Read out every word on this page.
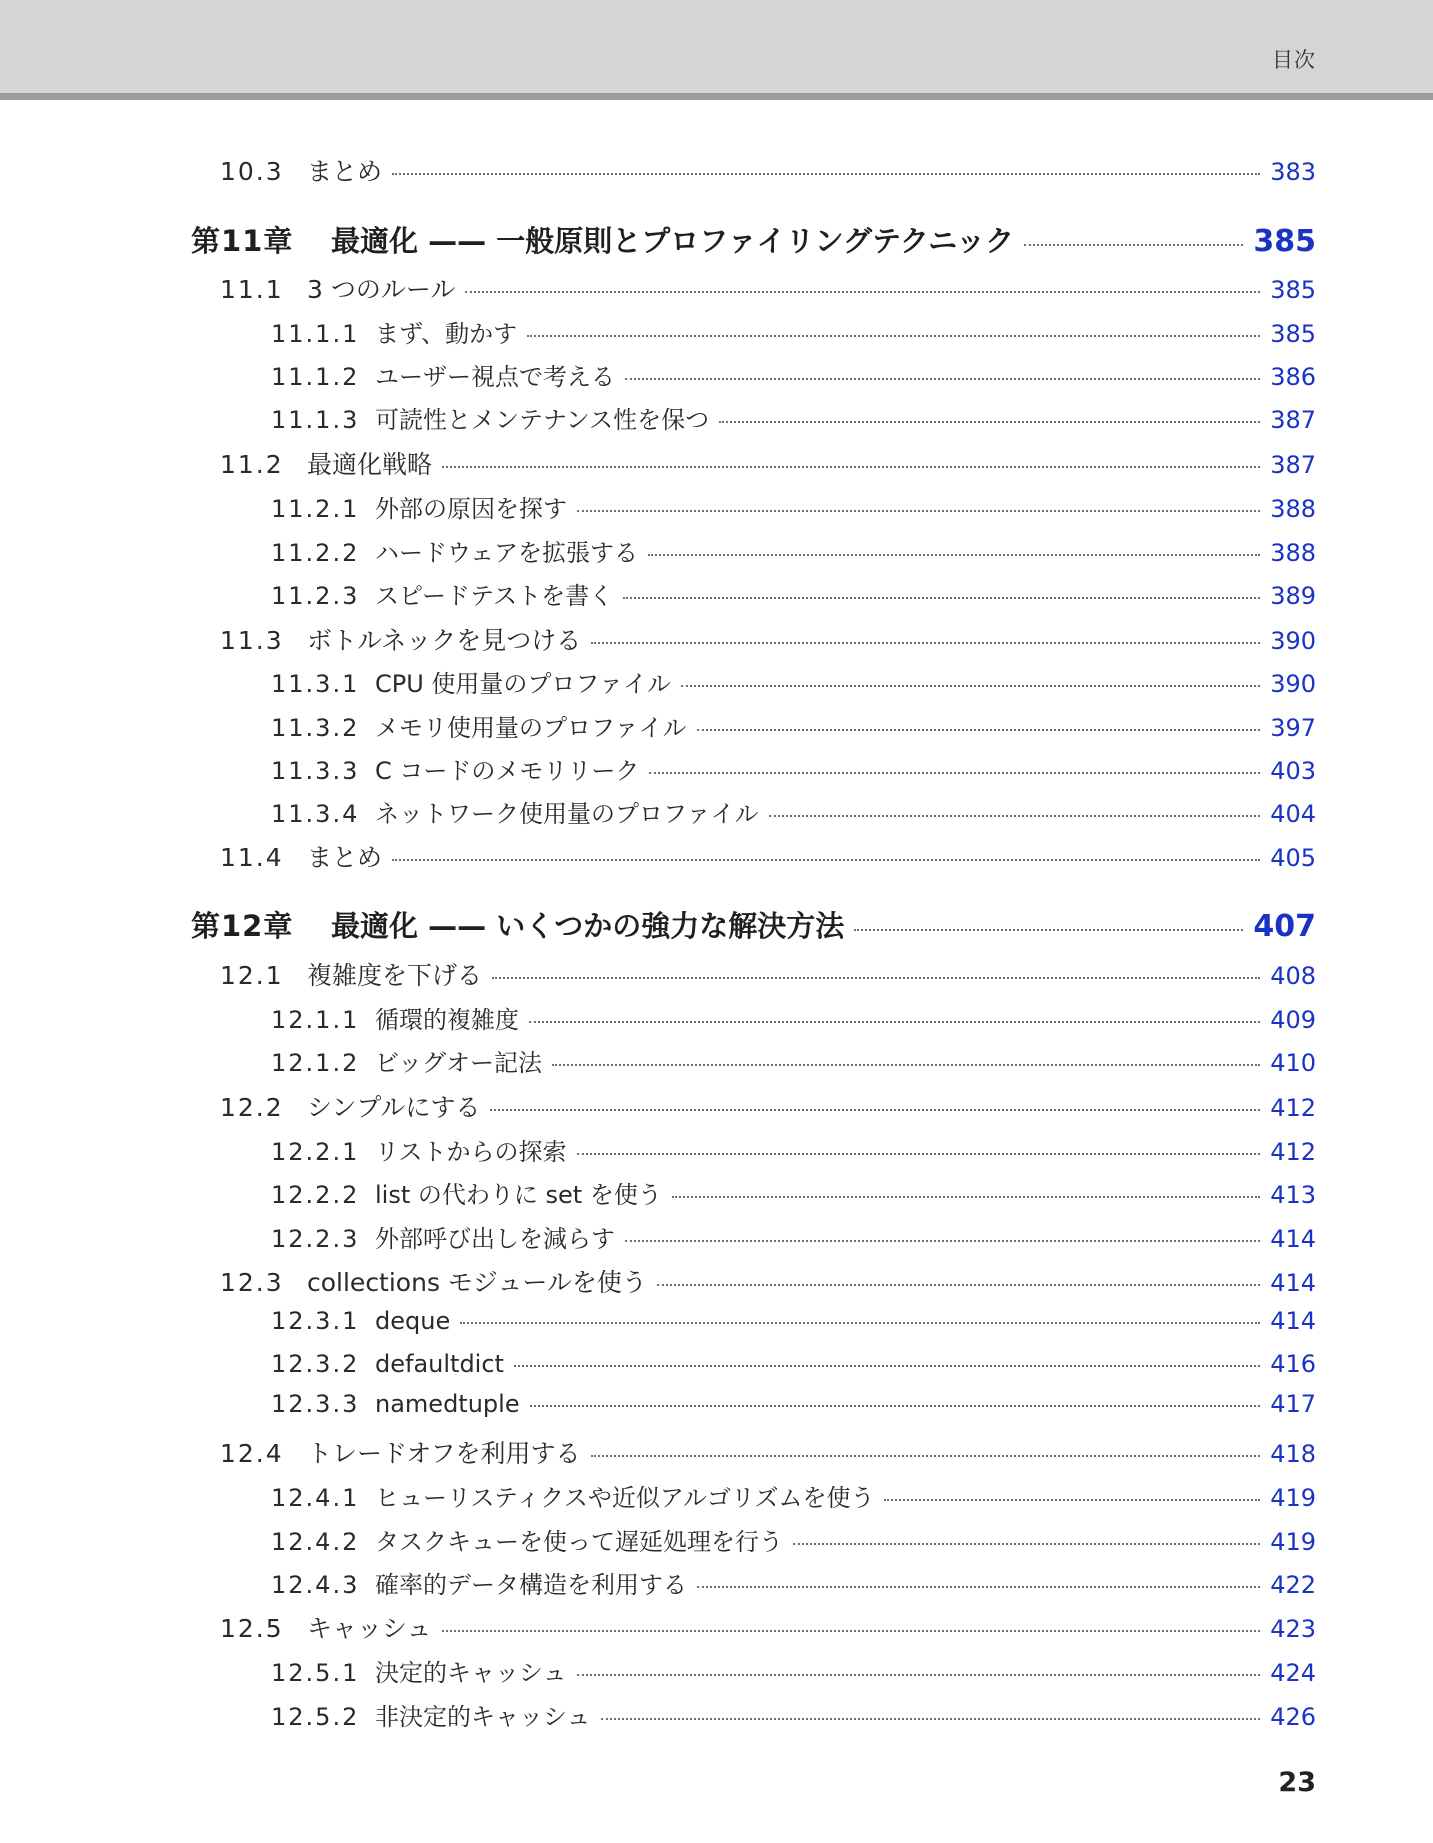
目次
10.3 まとめ	383
第11章	最適化 —— 一般原則とプロファイリングテクニック	385
11.1 3 つのルール	385
11.1.1 まず、動かす	385
11.1.2 ユーザー視点で考える	386
11.1.3 可読性とメンテナンス性を保つ	387
11.2 最適化戦略	387
11.2.1 外部の原因を探す	388
11.2.2 ハードウェアを拡張する	388
11.2.3 スピードテストを書く	389
11.3 ボトルネックを見つける	390
11.3.1 CPU 使用量のプロファイル	390
11.3.2 メモリ使用量のプロファイル	397
11.3.3 C コードのメモリリーク	403
11.3.4 ネットワーク使用量のプロファイル	404
11.4 まとめ	405
第12章	最適化 —— いくつかの強力な解決方法	407
12.1 複雑度を下げる	408
12.1.1 循環的複雑度	409
12.1.2 ビッグオー記法	410
12.2 シンプルにする	412
12.2.1 リストからの探索	412
12.2.2 list の代わりに set を使う	413
12.2.3 外部呼び出しを減らす	414
12.3 collections モジュールを使う	414
12.3.1 deque	414
12.3.2 defaultdict	416
12.3.3 namedtuple	417
12.4 トレードオフを利用する	418
12.4.1 ヒューリスティクスや近似アルゴリズムを使う	419
12.4.2 タスクキューを使って遅延処理を行う	419
12.4.3 確率的データ構造を利用する	422
12.5 キャッシュ	423
12.5.1 決定的キャッシュ	424
12.5.2 非決定的キャッシュ	426
23
